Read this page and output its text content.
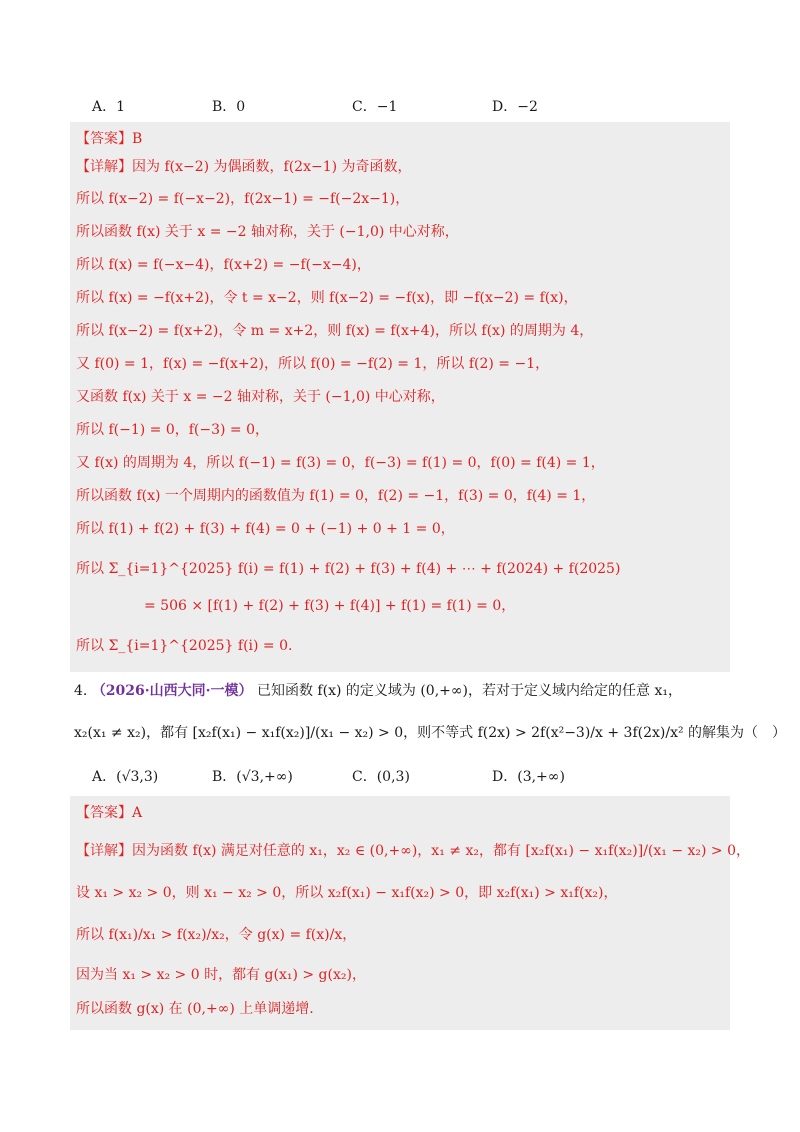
A．1	B．0	C．−1	D．−2
【答案】B
【详解】因为 f(x−2) 为偶函数，f(2x−1) 为奇函数，
所以 f(x−2) = f(−x−2)，f(2x−1) = −f(−2x−1)，
所以函数 f(x) 关于 x = −2 轴对称，关于 (−1,0) 中心对称，
所以 f(x) = f(−x−4)，f(x+2) = −f(−x−4)，
所以 f(x) = −f(x+2)，令 t = x−2，则 f(x−2) = −f(x)，即 −f(x−2) = f(x)，
所以 f(x−2) = f(x+2)，令 m = x+2，则 f(x) = f(x+4)，所以 f(x) 的周期为 4，
又 f(0) = 1，f(x) = −f(x+2)，所以 f(0) = −f(2) = 1，所以 f(2) = −1，
又函数 f(x) 关于 x = −2 轴对称，关于 (−1,0) 中心对称，
所以 f(−1) = 0，f(−3) = 0，
又 f(x) 的周期为 4，所以 f(−1) = f(3) = 0，f(−3) = f(1) = 0，f(0) = f(4) = 1，
所以函数 f(x) 一个周期内的函数值为 f(1) = 0，f(2) = −1，f(3) = 0，f(4) = 1，
所以 f(1) + f(2) + f(3) + f(4) = 0 + (−1) + 0 + 1 = 0，
所以 Σ_{i=1}^{2025} f(i) = f(1) + f(2) + f(3) + f(4) + ⋯ + f(2024) + f(2025)
= 506 × [f(1) + f(2) + f(3) + f(4)] + f(1) = f(1) = 0，
所以 Σ_{i=1}^{2025} f(i) = 0.
4. （2026·山西大同·一模） 已知函数 f(x) 的定义域为 (0,+∞)，若对于定义域内给定的任意 x₁，
x₂(x₁ ≠ x₂)，都有 [x₂f(x₁) − x₁f(x₂)]/(x₁ − x₂) > 0，则不等式 f(2x) > 2f(x²−3)/x + 3f(2x)/x² 的解集为（　）
A．(√3,3)	B．(√3,+∞)	C．(0,3)	D．(3,+∞)
【答案】A
【详解】因为函数 f(x) 满足对任意的 x₁，x₂ ∈ (0,+∞)，x₁ ≠ x₂，都有 [x₂f(x₁) − x₁f(x₂)]/(x₁ − x₂) > 0，
设 x₁ > x₂ > 0，则 x₁ − x₂ > 0，所以 x₂f(x₁) − x₁f(x₂) > 0，即 x₂f(x₁) > x₁f(x₂)，
所以 f(x₁)/x₁ > f(x₂)/x₂，令 g(x) = f(x)/x，
因为当 x₁ > x₂ > 0 时，都有 g(x₁) > g(x₂)，
所以函数 g(x) 在 (0,+∞) 上单调递增.
